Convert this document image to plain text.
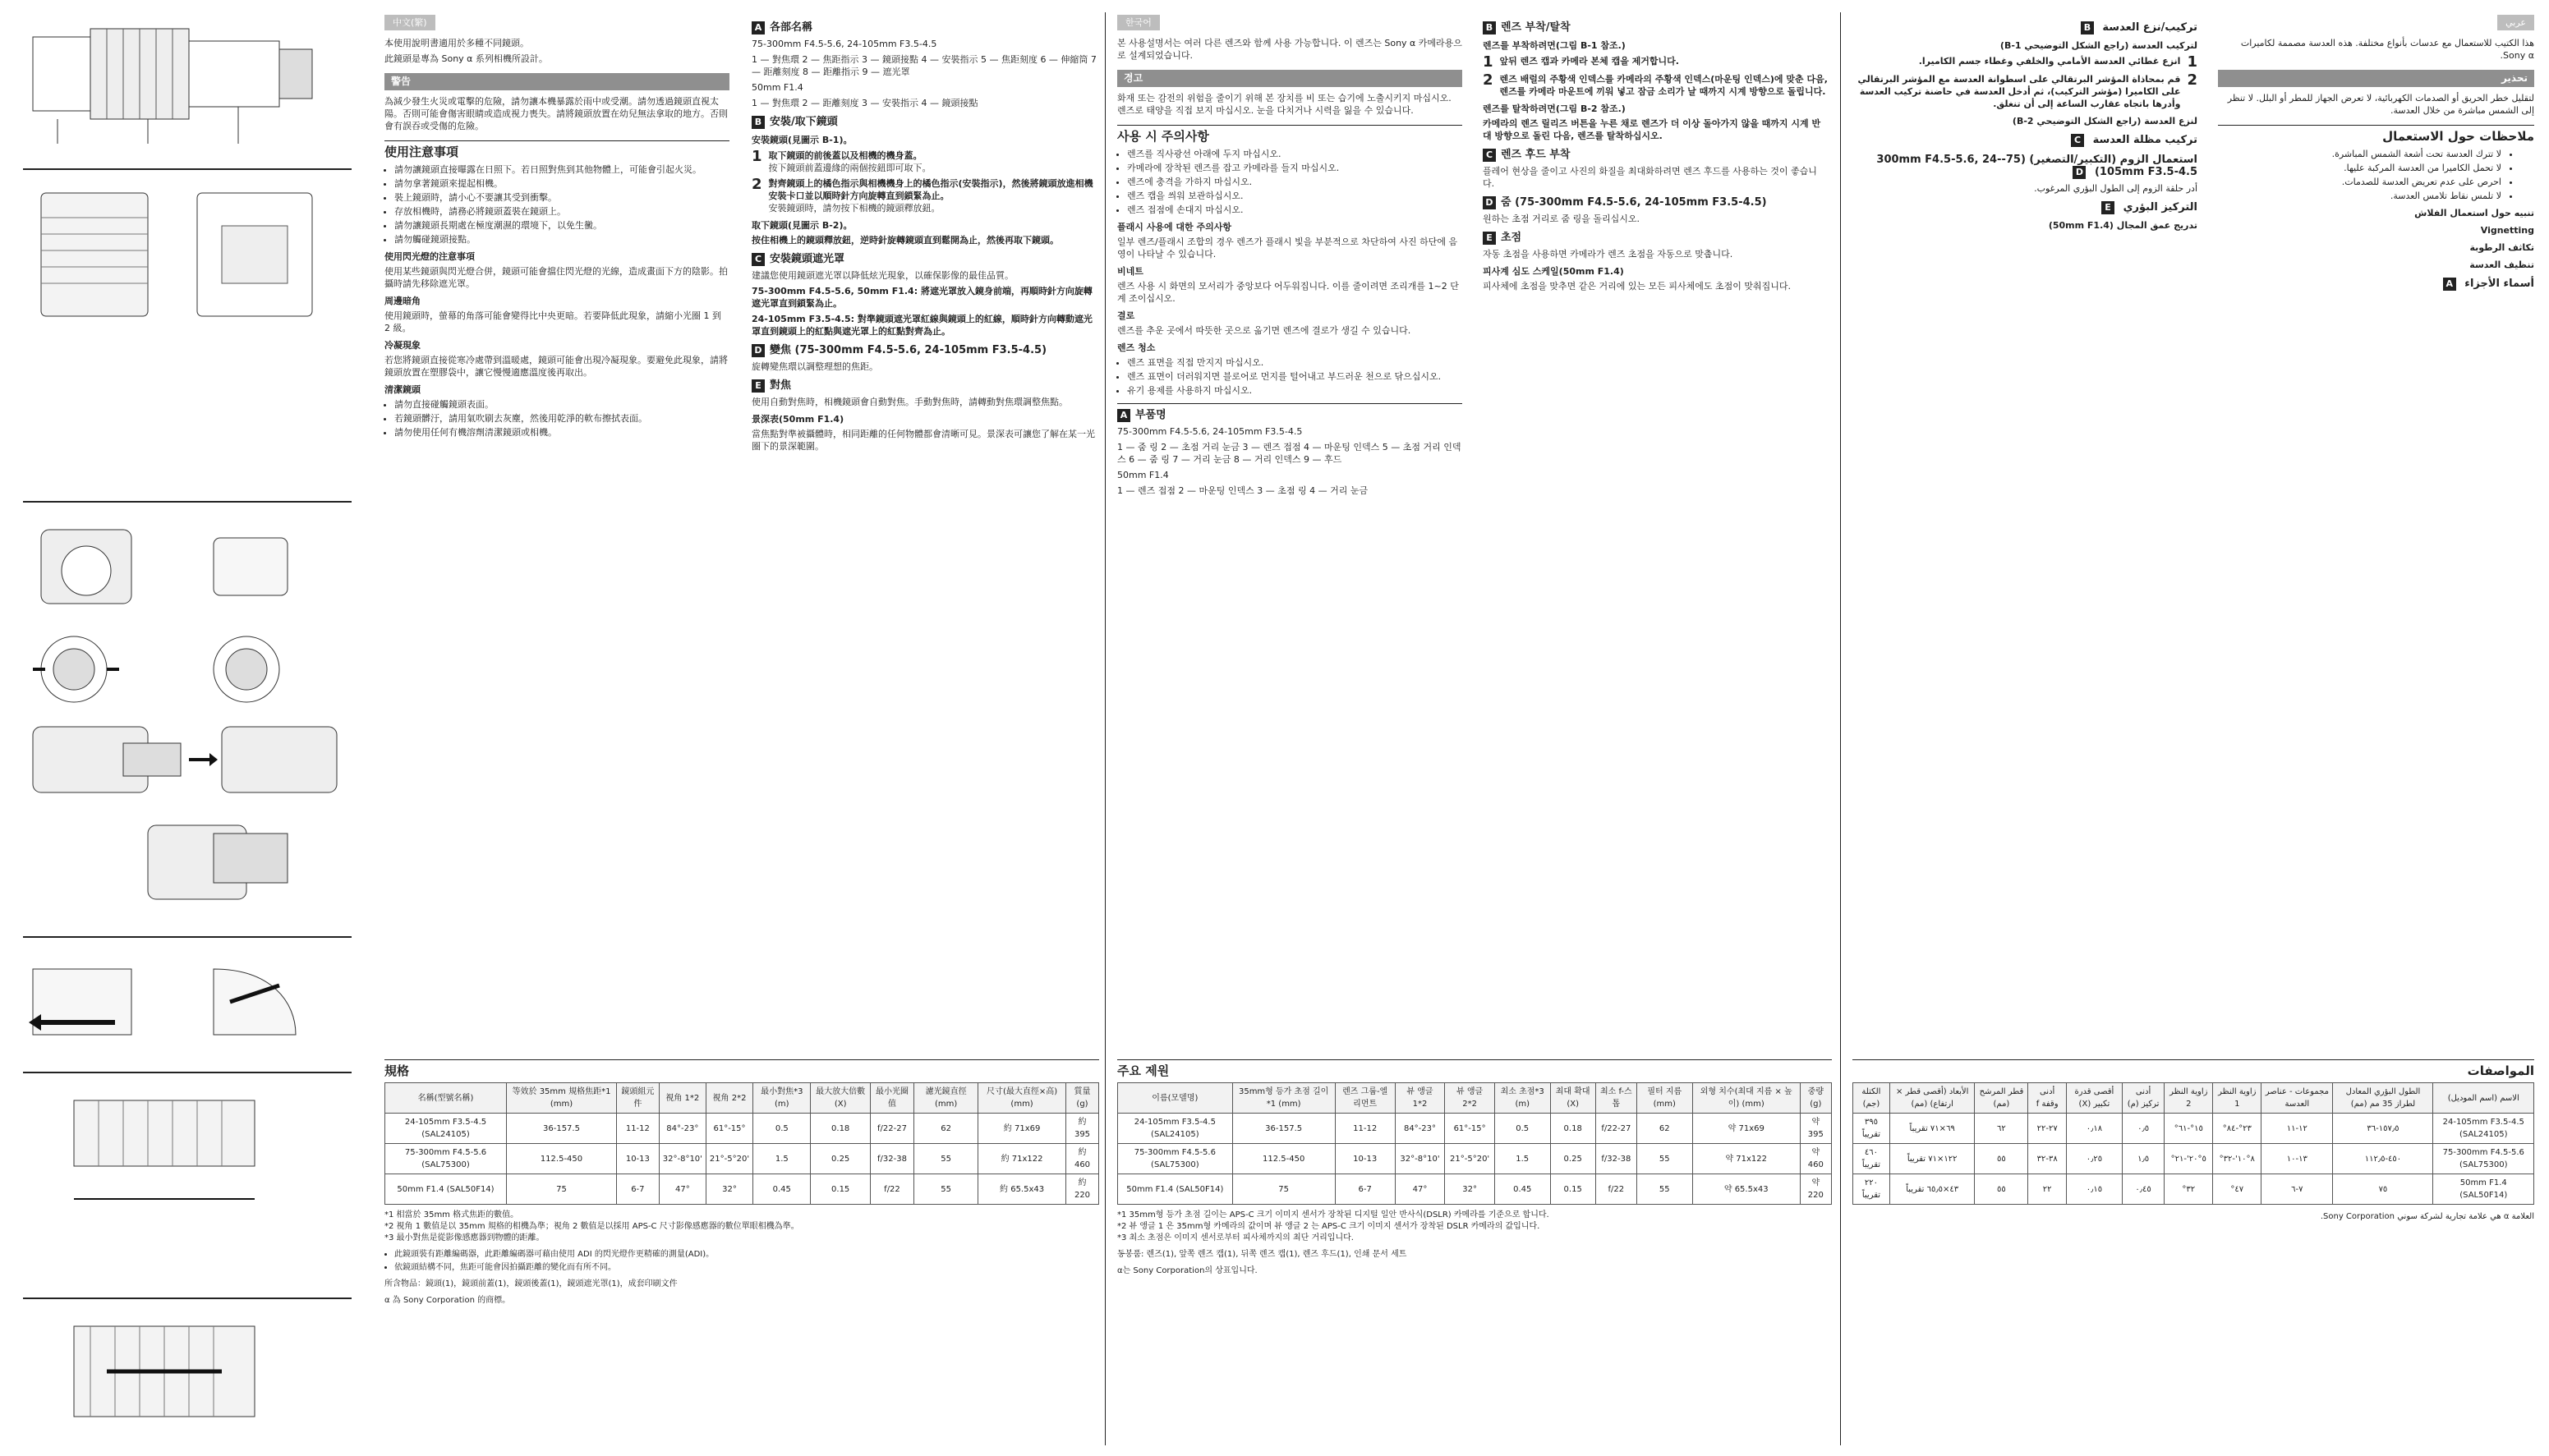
中文(繁)

本使用說明書適用於多種不同鏡頭。

此鏡頭是專為 Sony α 系列相機所設計。

警告

為減少發生火災或電擊的危險，請勿讓本機暴露於雨中或受潮。請勿透過鏡頭直視太陽。否則可能會傷害眼睛或造成視力喪失。請將鏡頭放置在幼兒無法拿取的地方。否則會有誤吞或受傷的危險。

使用注意事項
• 請勿讓鏡頭直接曝露在日照下。若日照對焦到其他物體上，可能會引起火災。
• 請勿拿著鏡頭來提起相機。
• 裝上鏡頭時，請小心不要讓其受到衝擊。
• 存放相機時，請務必將鏡頭蓋裝在鏡頭上。
• 請勿讓鏡頭長期處在極度潮濕的環境下，以免生黴。
• 請勿觸碰鏡頭接點。
使用閃光燈的注意事項

使用某些鏡頭與閃光燈合併，鏡頭可能會擋住閃光燈的光線，造成畫面下方的陰影。拍攝時請先移除遮光罩。

周邊暗角

使用鏡頭時，螢幕的角落可能會變得比中央更暗。若要降低此現象，請縮小光圈 1 到 2 級。

冷凝現象

若您將鏡頭直接從寒冷處帶到溫暖處，鏡頭可能會出現冷凝現象。要避免此現象，請將鏡頭放置在塑膠袋中，讓它慢慢適應溫度後再取出。

清潔鏡頭
• 請勿直接碰觸鏡頭表面。
• 若鏡頭髒汙，請用氣吹刷去灰塵，然後用乾淨的軟布擦拭表面。
• 請勿使用任何有機溶劑清潔鏡頭或相機。
A 各部名稱

75-300mm F4.5-5.6, 24-105mm F3.5-4.5

1 — 對焦環 2 — 焦距指示 3 — 鏡頭接點 4 — 安裝指示 5 — 焦距刻度 6 — 伸縮筒 7 — 距離刻度 8 — 距離指示 9 — 遮光罩

50mm F1.4

1 — 對焦環 2 — 距離刻度 3 — 安裝指示 4 — 鏡頭接點

B 安裝/取下鏡頭
安裝鏡頭(見圖示 B-1)。
1 取下鏡頭的前後蓋以及相機的機身蓋。
按下鏡頭前蓋邊緣的兩個按鈕即可取下。
2 對齊鏡頭上的橘色指示與相機機身上的橘色指示(安裝指示)，然後將鏡頭放進相機安裝卡口並以順時針方向旋轉直到鎖緊為止。
安裝鏡頭時，請勿按下相機的鏡頭釋放鈕。
取下鏡頭(見圖示 B-2)。

按住相機上的鏡頭釋放鈕，逆時針旋轉鏡頭直到鬆開為止，然後再取下鏡頭。

C 安裝鏡頭遮光罩

建議您使用鏡頭遮光罩以降低炫光現象，以確保影像的最佳品質。

75-300mm F4.5-5.6, 50mm F1.4: 將遮光罩放入鏡身前端，再順時針方向旋轉遮光罩直到鎖緊為止。

24-105mm F3.5-4.5: 對準鏡頭遮光罩紅線與鏡頭上的紅線，順時針方向轉動遮光罩直到鏡頭上的紅點與遮光罩上的紅點對齊為止。

D 變焦 (75-300mm F4.5-5.6, 24-105mm F3.5-4.5)

旋轉變焦環以調整理想的焦距。

E 對焦

使用自動對焦時，相機鏡頭會自動對焦。手動對焦時，請轉動對焦環調整焦點。

景深表(50mm F1.4)

當焦點對準被攝體時，相同距離的任何物體都會清晰可見。景深表可讓您了解在某一光圈下的景深範圍。

規格
名稱(型號名稱)	等效於 35mm 規格焦距*1 (mm)	鏡頭組元件	視角 1*2	視角 2*2	最小對焦*3 (m)	最大放大倍數(X)	最小光圈值	濾光鏡直徑 (mm)	尺寸(最大直徑×高)(mm)	質量(g)
24-105mm F3.5-4.5 (SAL24105)	36-157.5	11-12	84°-23°	61°-15°	0.5	0.18	f/22-27	62	約 71x69	約 395
75-300mm F4.5-5.6 (SAL75300)	112.5-450	10-13	32°-8°10'	21°-5°20'	1.5	0.25	f/32-38	55	約 71x122	約 460
50mm F1.4 (SAL50F14)	75	6-7	47°	32°	0.45	0.15	f/22	55	約 65.5x43	約 220
*1 相當於 35mm 格式焦距的數值。
*2 視角 1 數值是以 35mm 規格的相機為準；視角 2 數值是以採用 APS-C 尺寸影像感應器的數位單眼相機為準。
*3 最小對焦是從影像感應器到物體的距離。
• 此鏡頭裝有距離編碼器，此距離編碼器可藉由使用 ADI 的閃光燈作更精確的測量(ADI)。
• 依鏡頭結構不同，焦距可能會因拍攝距離的變化而有所不同。

所含物品：鏡頭(1)，鏡頭前蓋(1)，鏡頭後蓋(1)，鏡頭遮光罩(1)，成套印刷文件

α 為 Sony Corporation 的商標。

한국어

본 사용설명서는 여러 다른 렌즈와 함께 사용 가능합니다. 이 렌즈는 Sony α 카메라용으로 설계되었습니다.

경고

화재 또는 감전의 위험을 줄이기 위해 본 장치를 비 또는 습기에 노출시키지 마십시오. 렌즈로 태양을 직접 보지 마십시오. 눈을 다치거나 시력을 잃을 수 있습니다.

사용 시 주의사항
• 렌즈를 직사광선 아래에 두지 마십시오.
• 카메라에 장착된 렌즈를 잡고 카메라를 들지 마십시오.
• 렌즈에 충격을 가하지 마십시오.
• 렌즈 캡을 씌워 보관하십시오.
• 렌즈 접점에 손대지 마십시오.
플래시 사용에 대한 주의사항

일부 렌즈/플래시 조합의 경우 렌즈가 플래시 빛을 부분적으로 차단하여 사진 하단에 음영이 나타날 수 있습니다.

비네트

렌즈 사용 시 화면의 모서리가 중앙보다 어두워집니다. 이를 줄이려면 조리개를 1~2 단계 조이십시오.

결로

렌즈를 추운 곳에서 따뜻한 곳으로 옮기면 렌즈에 결로가 생길 수 있습니다.

렌즈 청소
• 렌즈 표면을 직접 만지지 마십시오.
• 렌즈 표면이 더러워지면 블로어로 먼지를 털어내고 부드러운 천으로 닦으십시오.
• 유기 용제를 사용하지 마십시오.
A 부품명

75-300mm F4.5-5.6, 24-105mm F3.5-4.5

1 — 줌 링 2 — 초점 거리 눈금 3 — 렌즈 접점 4 — 마운팅 인덱스 5 — 초점 거리 인덱스 6 — 줌 링 7 — 거리 눈금 8 — 거리 인덱스 9 — 후드

50mm F1.4

1 — 렌즈 접점 2 — 마운팅 인덱스 3 — 초점 링 4 — 거리 눈금

B 렌즈 부착/탈착
렌즈를 부착하려면(그림 B-1 참조.)
1 앞뒤 렌즈 캡과 카메라 본체 캡을 제거합니다.
2 렌즈 배럴의 주황색 인덱스를 카메라의 주황색 인덱스(마운팅 인덱스)에 맞춘 다음, 렌즈를 카메라 마운트에 끼워 넣고 잠금 소리가 날 때까지 시계 방향으로 돌립니다.
렌즈를 탈착하려면(그림 B-2 참조.)

카메라의 렌즈 릴리즈 버튼을 누른 채로 렌즈가 더 이상 돌아가지 않을 때까지 시계 반대 방향으로 돌린 다음, 렌즈를 탈착하십시오.

C 렌즈 후드 부착

플레어 현상을 줄이고 사진의 화질을 최대화하려면 렌즈 후드를 사용하는 것이 좋습니다.

D 줌 (75-300mm F4.5-5.6, 24-105mm F3.5-4.5)

원하는 초점 거리로 줌 링을 돌리십시오.

E 초점

자동 초점을 사용하면 카메라가 렌즈 초점을 자동으로 맞춥니다.

피사계 심도 스케일(50mm F1.4)

피사체에 초점을 맞추면 같은 거리에 있는 모든 피사체에도 초점이 맞춰집니다.

주요 제원
이름(모델명)	35mm형 등가 초점 길이*1 (mm)	렌즈 그룹-엘리먼트	뷰 앵글 1*2	뷰 앵글 2*2	최소 초점*3 (m)	최대 확대(X)	최소 f-스톱	필터 지름 (mm)	외형 치수(최대 지름 × 높이) (mm)	중량(g)
24-105mm F3.5-4.5 (SAL24105)	36-157.5	11-12	84°-23°	61°-15°	0.5	0.18	f/22-27	62	약 71x69	약 395
75-300mm F4.5-5.6 (SAL75300)	112.5-450	10-13	32°-8°10'	21°-5°20'	1.5	0.25	f/32-38	55	약 71x122	약 460
50mm F1.4 (SAL50F14)	75	6-7	47°	32°	0.45	0.15	f/22	55	약 65.5x43	약 220
*1 35mm형 등가 초점 길이는 APS-C 크기 이미지 센서가 장착된 디지털 일안 반사식(DSLR) 카메라를 기준으로 합니다.
*2 뷰 앵글 1 은 35mm형 카메라의 값이며 뷰 앵글 2 는 APS-C 크기 이미지 센서가 장착된 DSLR 카메라의 값입니다.
*3 최소 초점은 이미지 센서로부터 피사체까지의 최단 거리입니다.

동봉품: 렌즈(1), 앞쪽 렌즈 캡(1), 뒤쪽 렌즈 캡(1), 렌즈 후드(1), 인쇄 문서 세트

α는 Sony Corporation의 상표입니다.

عربي

هذا الكتيب للاستعمال مع عدسات بأنواع مختلفة. هذه العدسة مصممة لكاميرات Sony α.

تحذير

لتقليل خطر الحريق أو الصدمات الكهربائية، لا تعرض الجهاز للمطر أو البلل. لا تنظر إلى الشمس مباشرة من خلال العدسة.

ملاحظات حول الاستعمال
• لا تترك العدسة تحت أشعة الشمس المباشرة.
• لا تحمل الكاميرا من العدسة المركبة عليها.
• احرص على عدم تعريض العدسة للصدمات.
• لا تلمس نقاط تلامس العدسة.
تنبيه حول استعمال الفلاش
Vignetting
تكاثف الرطوبة
تنظيف العدسة
أسماء الأجزاء A
تركيب/نزع العدسة B
لتركيب العدسة (راجع الشكل التوضيحي B-1)
1
انزع غطائي العدسة الأمامي والخلفي وغطاء جسم الكاميرا.
2
قم بمحاذاة المؤشر البرتقالي على اسطوانة العدسة مع المؤشر البرتقالي على الكاميرا (مؤشر التركيب)، ثم أدخل العدسة في حاضنة تركيب العدسة وأدرها باتجاه عقارب الساعة إلى أن تنغلق.
لنزع العدسة (راجع الشكل التوضيحي B-2)
تركيب مظلة العدسة C
استعمال الزوم (التكبير/التصغير) (75-300mm F4.5-5.6, 24-105mm F3.5-4.5) D

أدر حلقة الزوم إلى الطول البؤري المرغوب.

التركيز البؤري E
تدريج عمق المجال (50mm F1.4)
المواصفات
الاسم (اسم الموديل)	الطول البؤري المعادل لطراز 35 مم (مم)	مجموعات - عناصر العدسة	زاوية النظر 1	زاوية النظر 2	أدنى تركيز (م)	أقصى قدرة تكبير (X)	أدنى وقفة f	قطر المرشح (مم)	الأبعاد (أقصى قطر × ارتفاع) (مم)	الكتلة (جم)
24-105mm F3.5-4.5 (SAL24105)	١٥٧٫٥-٣٦	١٢-١١	٢٣°-٨٤°	١٥°-٦١°	٠٫٥	٠٫١٨	٢٧-٢٢	٦٢	٦٩×٧١ تقريباً	٣٩٥ تقريباً
75-300mm F4.5-5.6 (SAL75300)	٤٥٠-١١٢٫٥	١٣-١٠	٨°١٠'-٣٢°	٥°٢٠'-٢١°	١٫٥	٠٫٢٥	٣٨-٣٢	٥٥	١٢٢×٧١ تقريباً	٤٦٠ تقريباً
50mm F1.4 (SAL50F14)	٧٥	٧-٦	٤٧°	٣٢°	٠٫٤٥	٠٫١٥	٢٢	٥٥	٤٣×٦٥٫٥ تقريباً	٢٢٠ تقريباً

العلامة α هي علامة تجارية لشركة سوني Sony Corporation.
